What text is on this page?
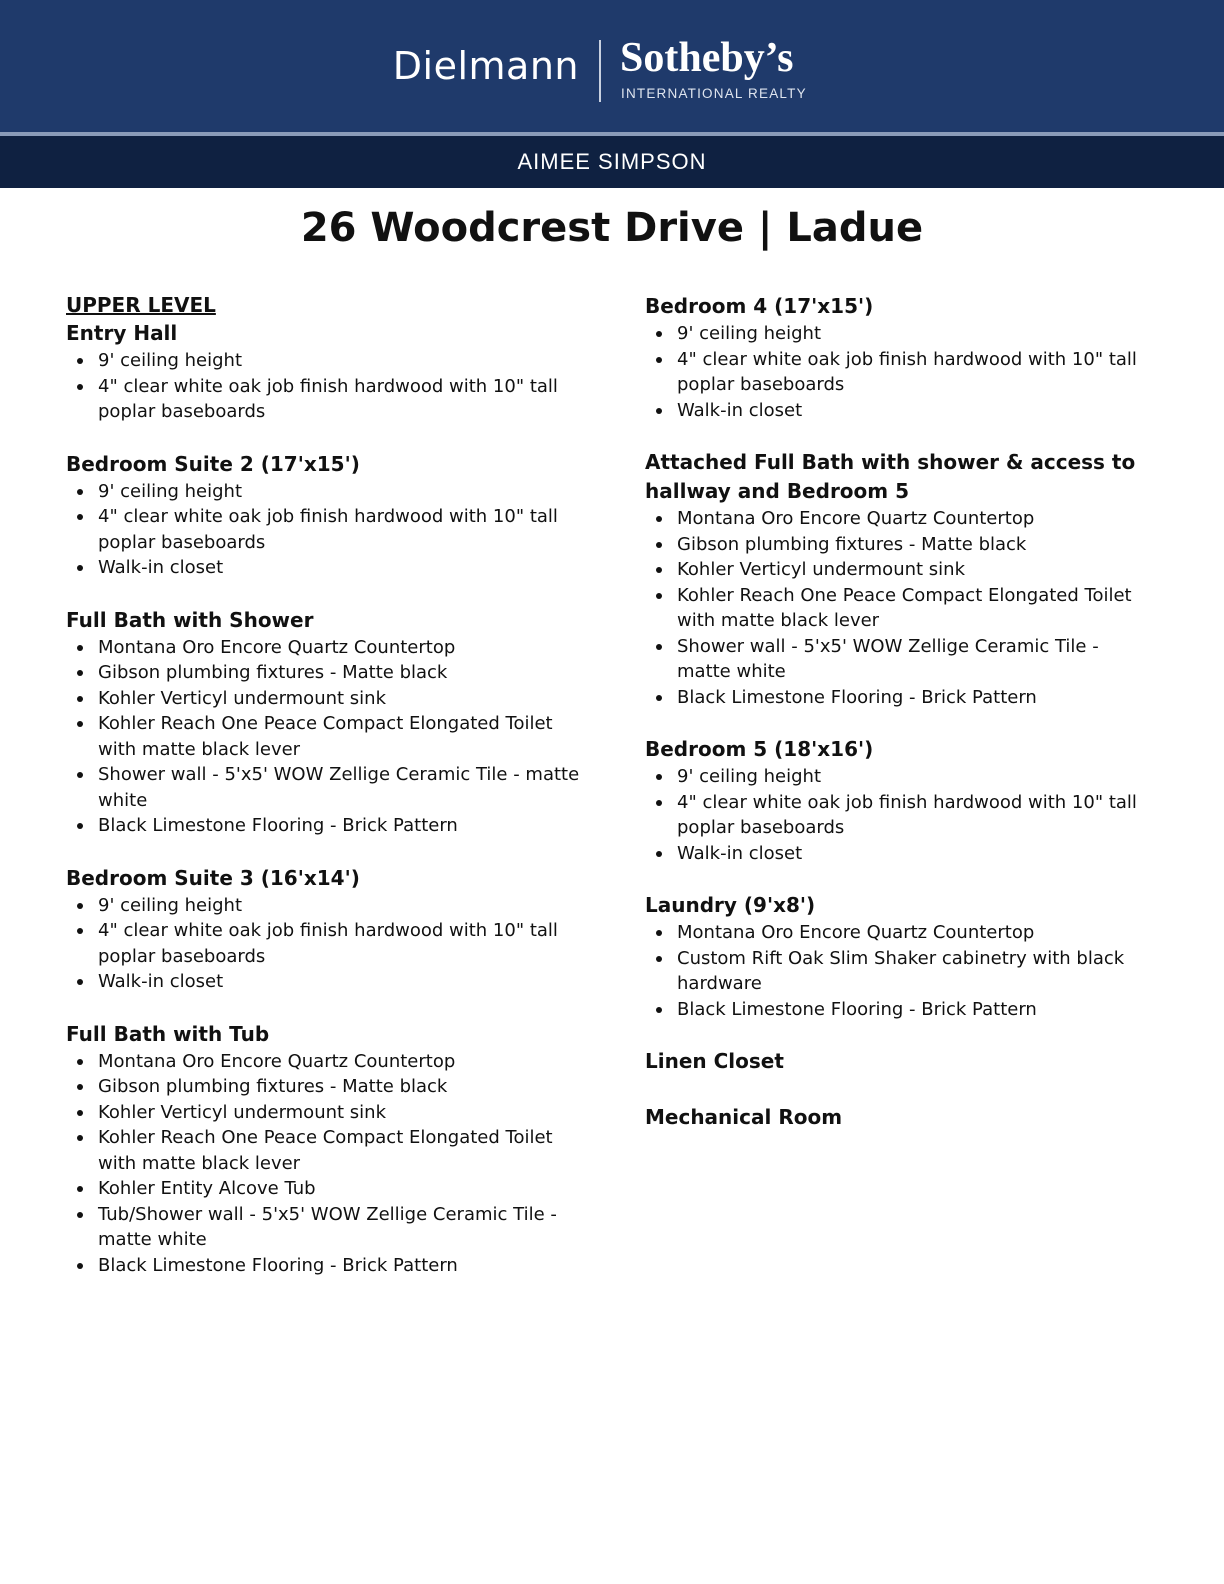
Dielmann Sotheby’s
INTERNATIONAL REALTY
AIMEE SIMPSON
26 Woodcrest Drive | Ladue
UPPER LEVEL
Entry Hall
9' ceiling height
4" clear white oak job finish hardwood with 10" tall poplar baseboards
Bedroom Suite 2 (17'x15')
9' ceiling height
4" clear white oak job finish hardwood with 10" tall poplar baseboards
Walk-in closet
Full Bath with Shower
Montana Oro Encore Quartz Countertop
Gibson plumbing fixtures - Matte black
Kohler Verticyl undermount sink
Kohler Reach One Peace Compact Elongated Toilet with matte black lever
Shower wall - 5'x5' WOW Zellige Ceramic Tile - matte white
Black Limestone Flooring - Brick Pattern
Bedroom Suite 3 (16'x14')
9' ceiling height
4" clear white oak job finish hardwood with 10" tall poplar baseboards
Walk-in closet
Full Bath with Tub
Montana Oro Encore Quartz Countertop
Gibson plumbing fixtures - Matte black
Kohler Verticyl undermount sink
Kohler Reach One Peace Compact Elongated Toilet with matte black lever
Kohler Entity Alcove Tub
Tub/Shower wall - 5'x5' WOW Zellige Ceramic Tile - matte white
Black Limestone Flooring - Brick Pattern
Bedroom 4 (17'x15')
9' ceiling height
4" clear white oak job finish hardwood with 10" tall poplar baseboards
Walk-in closet
Attached Full Bath with shower & access to hallway and Bedroom 5
Montana Oro Encore Quartz Countertop
Gibson plumbing fixtures - Matte black
Kohler Verticyl undermount sink
Kohler Reach One Peace Compact Elongated Toilet with matte black lever
Shower wall - 5'x5' WOW Zellige Ceramic Tile - matte white
Black Limestone Flooring - Brick Pattern
Bedroom 5 (18'x16')
9' ceiling height
4" clear white oak job finish hardwood with 10" tall poplar baseboards
Walk-in closet
Laundry (9'x8')
Montana Oro Encore Quartz Countertop
Custom Rift Oak Slim Shaker cabinetry with black hardware
Black Limestone Flooring - Brick Pattern
Linen Closet
Mechanical Room
